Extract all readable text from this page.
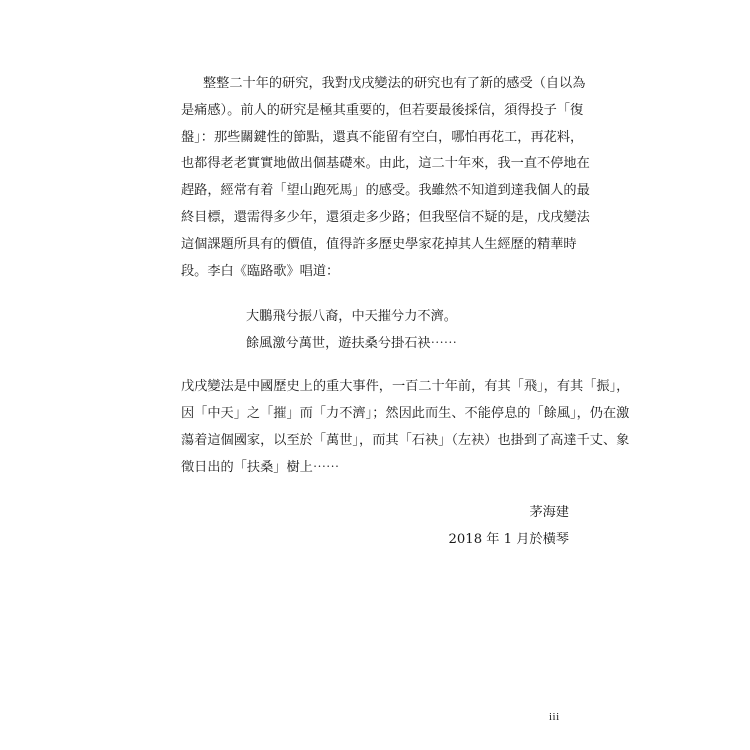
整整二十年的研究，我對戊戌變法的研究也有了新的感受（自以為
是痛感）。前人的研究是極其重要的，但若要最後採信，須得投子「復
盤」：那些關鍵性的節點，還真不能留有空白，哪怕再花工，再花料，
也都得老老實實地做出個基礎來。由此，這二十年來，我一直不停地在
趕路，經常有着「望山跑死馬」的感受。我雖然不知道到達我個人的最
終目標，還需得多少年，還須走多少路；但我堅信不疑的是，戊戌變法
這個課題所具有的價值，值得許多歷史學家花掉其人生經歷的精華時
段。李白《臨路歌》唱道：
大鵬飛兮振八裔，中天摧兮力不濟。
餘風激兮萬世，遊扶桑兮掛石袂⋯⋯
戊戌變法是中國歷史上的重大事件，一百二十年前，有其「飛」，有其「振」，
因「中天」之「摧」而「力不濟」；然因此而生、不能停息的「餘風」，仍在激
蕩着這個國家，以至於「萬世」，而其「石袂」（左袂）也掛到了高達千丈、象
徵日出的「扶桑」樹上⋯⋯
茅海建
2018 年 1 月於橫琴
iii
